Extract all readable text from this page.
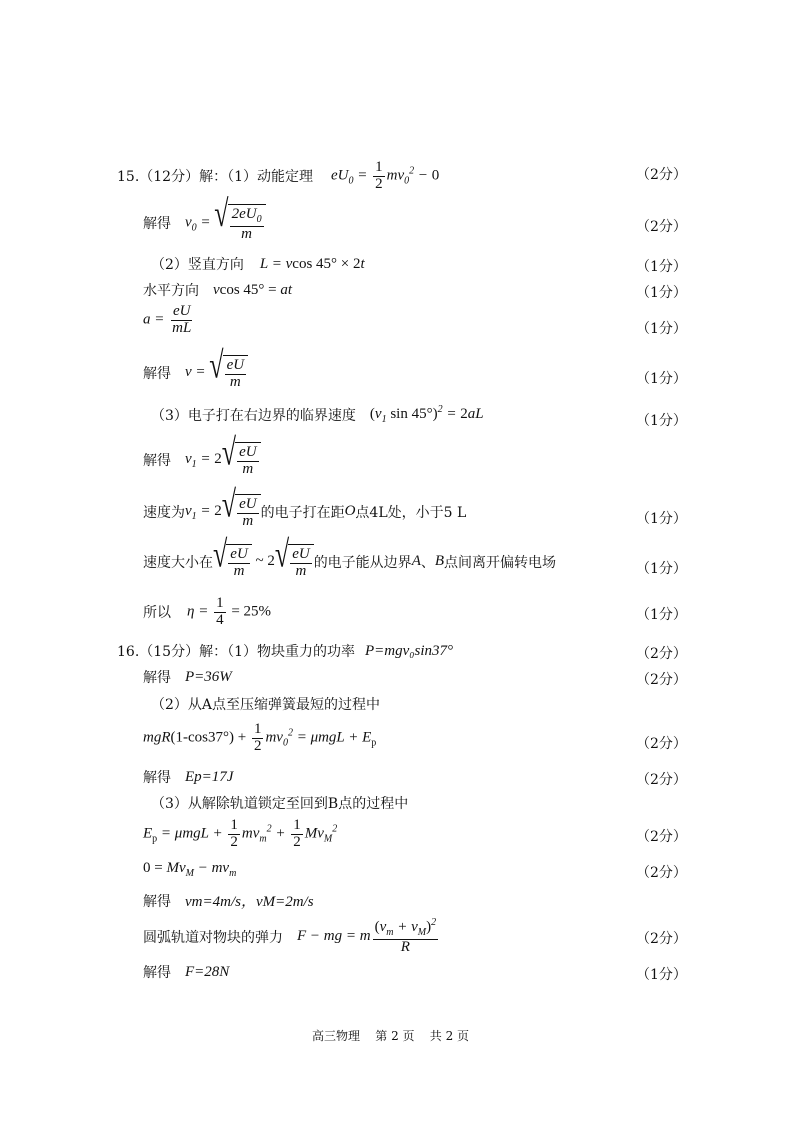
15.（12分）解：（1）动能定理 $eU_0 = \frac{1}{2} mv_0^2 - 0$	（2分）
解得 $v_0$ = √ $\frac{2eU_0}{m}$	（2分）
（2）竖直方向 L = vcos 45° × 2t	（1分）
水平方向 vcos 45° = at	（1分）
$a = \frac{eU}{mL}$	（1分）
解得 v = √ $\frac{eU}{m}$	（1分）
（3）电子打在右边界的临界速度 ($v_1$ sin 45°)$^2$ = 2aL	（1分）
解得 $v_1 = 2$ √ $\frac{eU}{m}$
速度为 $v_1 = 2$ √ $\frac{eU}{m}$ 的电子打在距 O 点4L处，小于5 L	（1分）
速度大小在 √ $\frac{eU}{m}$ ~ 2 √ $\frac{eU}{m}$ 的电子能从边界 A 、 B 点间离开偏转电场	（1分）
所以 $\eta = \frac{1}{4} = 25\%$	（1分）
16.（15分）解：（1）物块重力的功率 P=mgv₀sin37°	（2分）
解得 P=36W	（2分）
（2）从A点至压缩弹簧最短的过程中
$mgR(1-\cos 37^\circ) + \frac{1}{2} mv_0^2 = \mu mgL + E_p$	（2分）
解得 Ep=17J	（2分）
（3）从解除轨道锁定至回到B点的过程中
$E_p = \mu mgL + \frac{1}{2} mv_m^2 + \frac{1}{2} Mv_M^2$	（2分）
$0 = Mv_M - mv_m$	（2分）
解得 vm=4m/s，vM=2m/s
圆弧轨道对物块的弹力 F − mg = m $\frac{(v_m + v_M)^2}{R}$	（2分）
解得 F=28N	（1分）
高三物理    第 2 页    共 2 页
